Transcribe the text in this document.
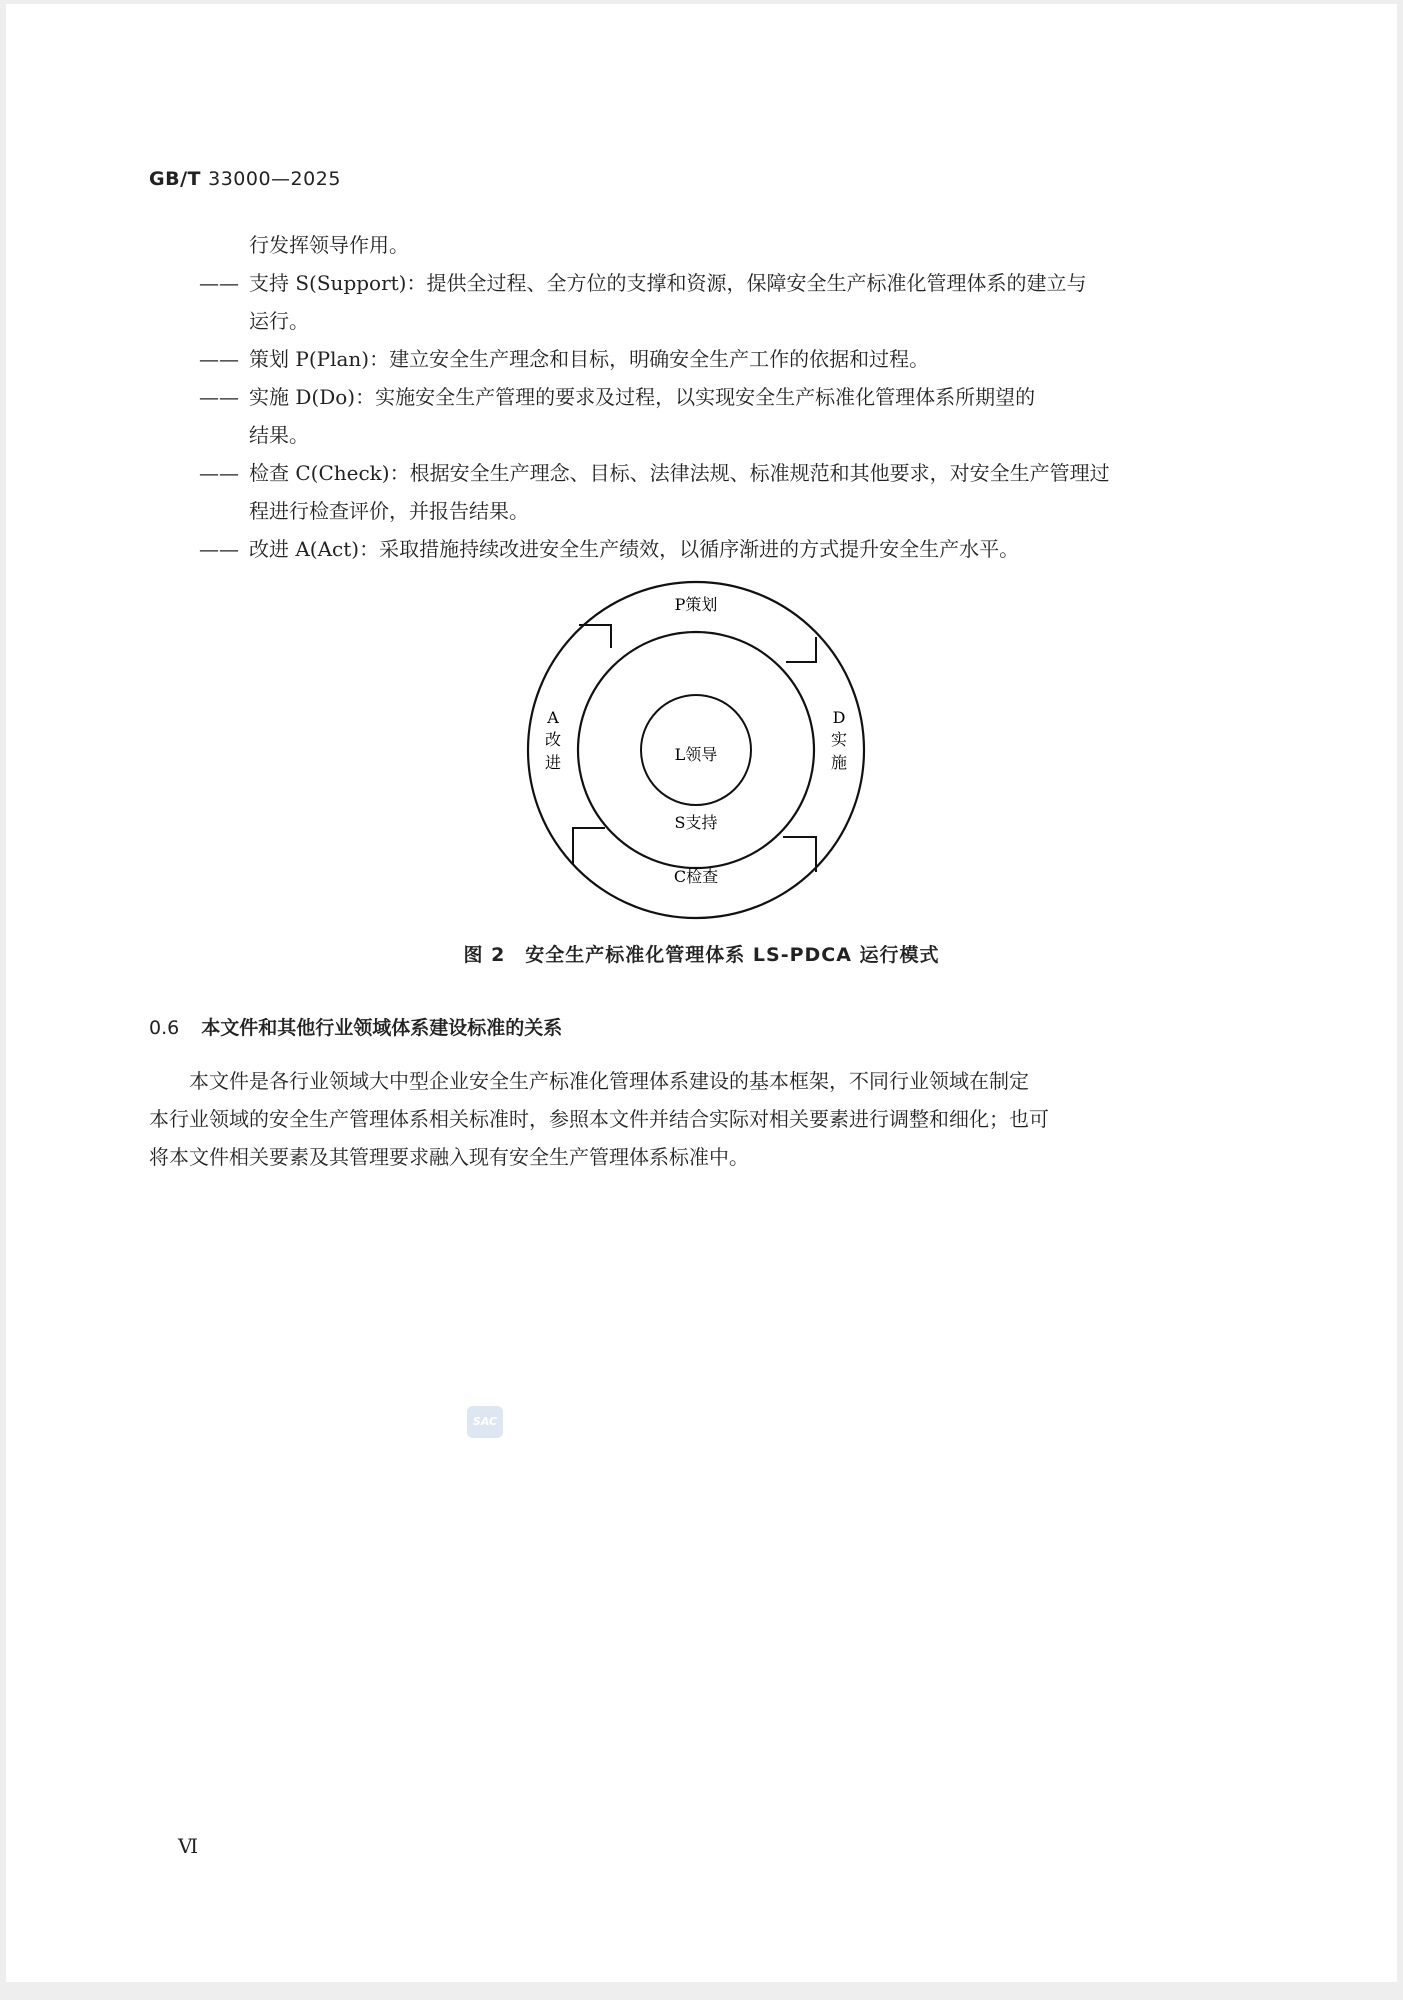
GB/T 33000—2025
行发挥领导作用。
—— 支持 S(Support)：提供全过程、全方位的支撑和资源，保障安全生产标准化管理体系的建立与
运行。
—— 策划 P(Plan)：建立安全生产理念和目标，明确安全生产工作的依据和过程。
—— 实施 D(Do)：实施安全生产管理的要求及过程，以实现安全生产标准化管理体系所期望的
结果。
—— 检查 C(Check)：根据安全生产理念、目标、法律法规、标准规范和其他要求，对安全生产管理过
程进行检查评价，并报告结果。
—— 改进 A(Act)：采取措施持续改进安全生产绩效，以循序渐进的方式提升安全生产水平。
P策划
L领导
S支持
C检查
A
改
进
D
实
施
图 2　安全生产标准化管理体系 LS-PDCA 运行模式
0.6 本文件和其他行业领域体系建设标准的关系
　　本文件是各行业领域大中型企业安全生产标准化管理体系建设的基本框架，不同行业领域在制定
本行业领域的安全生产管理体系相关标准时，参照本文件并结合实际对相关要素进行调整和细化；也可
将本文件相关要素及其管理要求融入现有安全生产管理体系标准中。
SAC
Ⅵ
